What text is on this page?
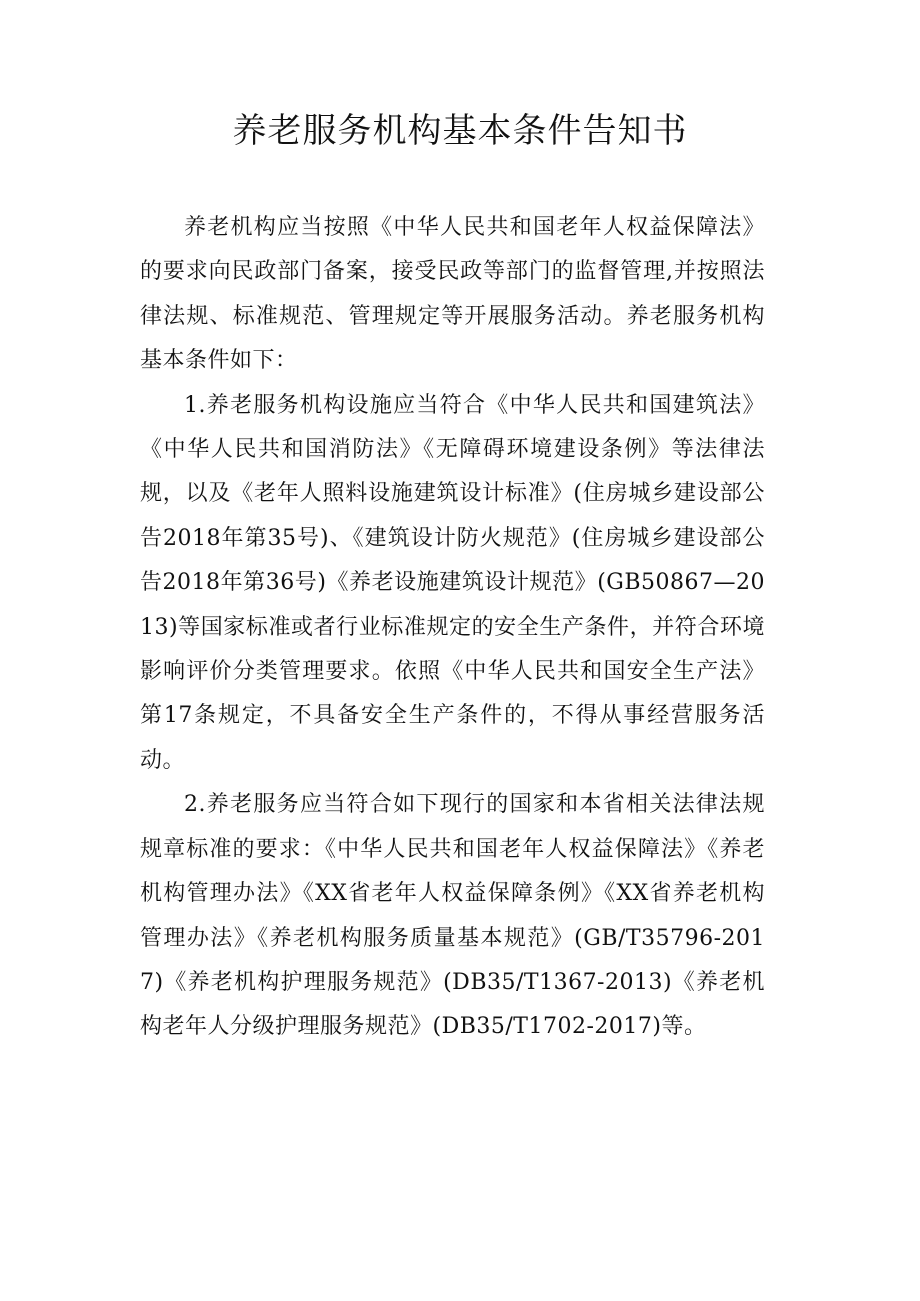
养老服务机构基本条件告知书

养老机构应当按照《中华人民共和国老年人权益保障法》的要求向民政部门备案，接受民政等部门的监督管理,并按照法律法规、标准规范、管理规定等开展服务活动。养老服务机构基本条件如下：

1.养老服务机构设施应当符合《中华人民共和国建筑法》《中华人民共和国消防法》《无障碍环境建设条例》等法律法规，以及《老年人照料设施建筑设计标准》(住房城乡建设部公告2018年第35号)、《建筑设计防火规范》(住房城乡建设部公告2018年第36号)《养老设施建筑设计规范》(GB50867—2013)等国家标准或者行业标准规定的安全生产条件，并符合环境影响评价分类管理要求。依照《中华人民共和国安全生产法》第17条规定，不具备安全生产条件的，不得从事经营服务活动。

2.养老服务应当符合如下现行的国家和本省相关法律法规规章标准的要求：《中华人民共和国老年人权益保障法》《养老机构管理办法》《XX省老年人权益保障条例》《XX省养老机构管理办法》《养老机构服务质量基本规范》(GB/T35796-2017)《养老机构护理服务规范》(DB35/T1367-2013)《养老机构老年人分级护理服务规范》(DB35/T1702-2017)等。
